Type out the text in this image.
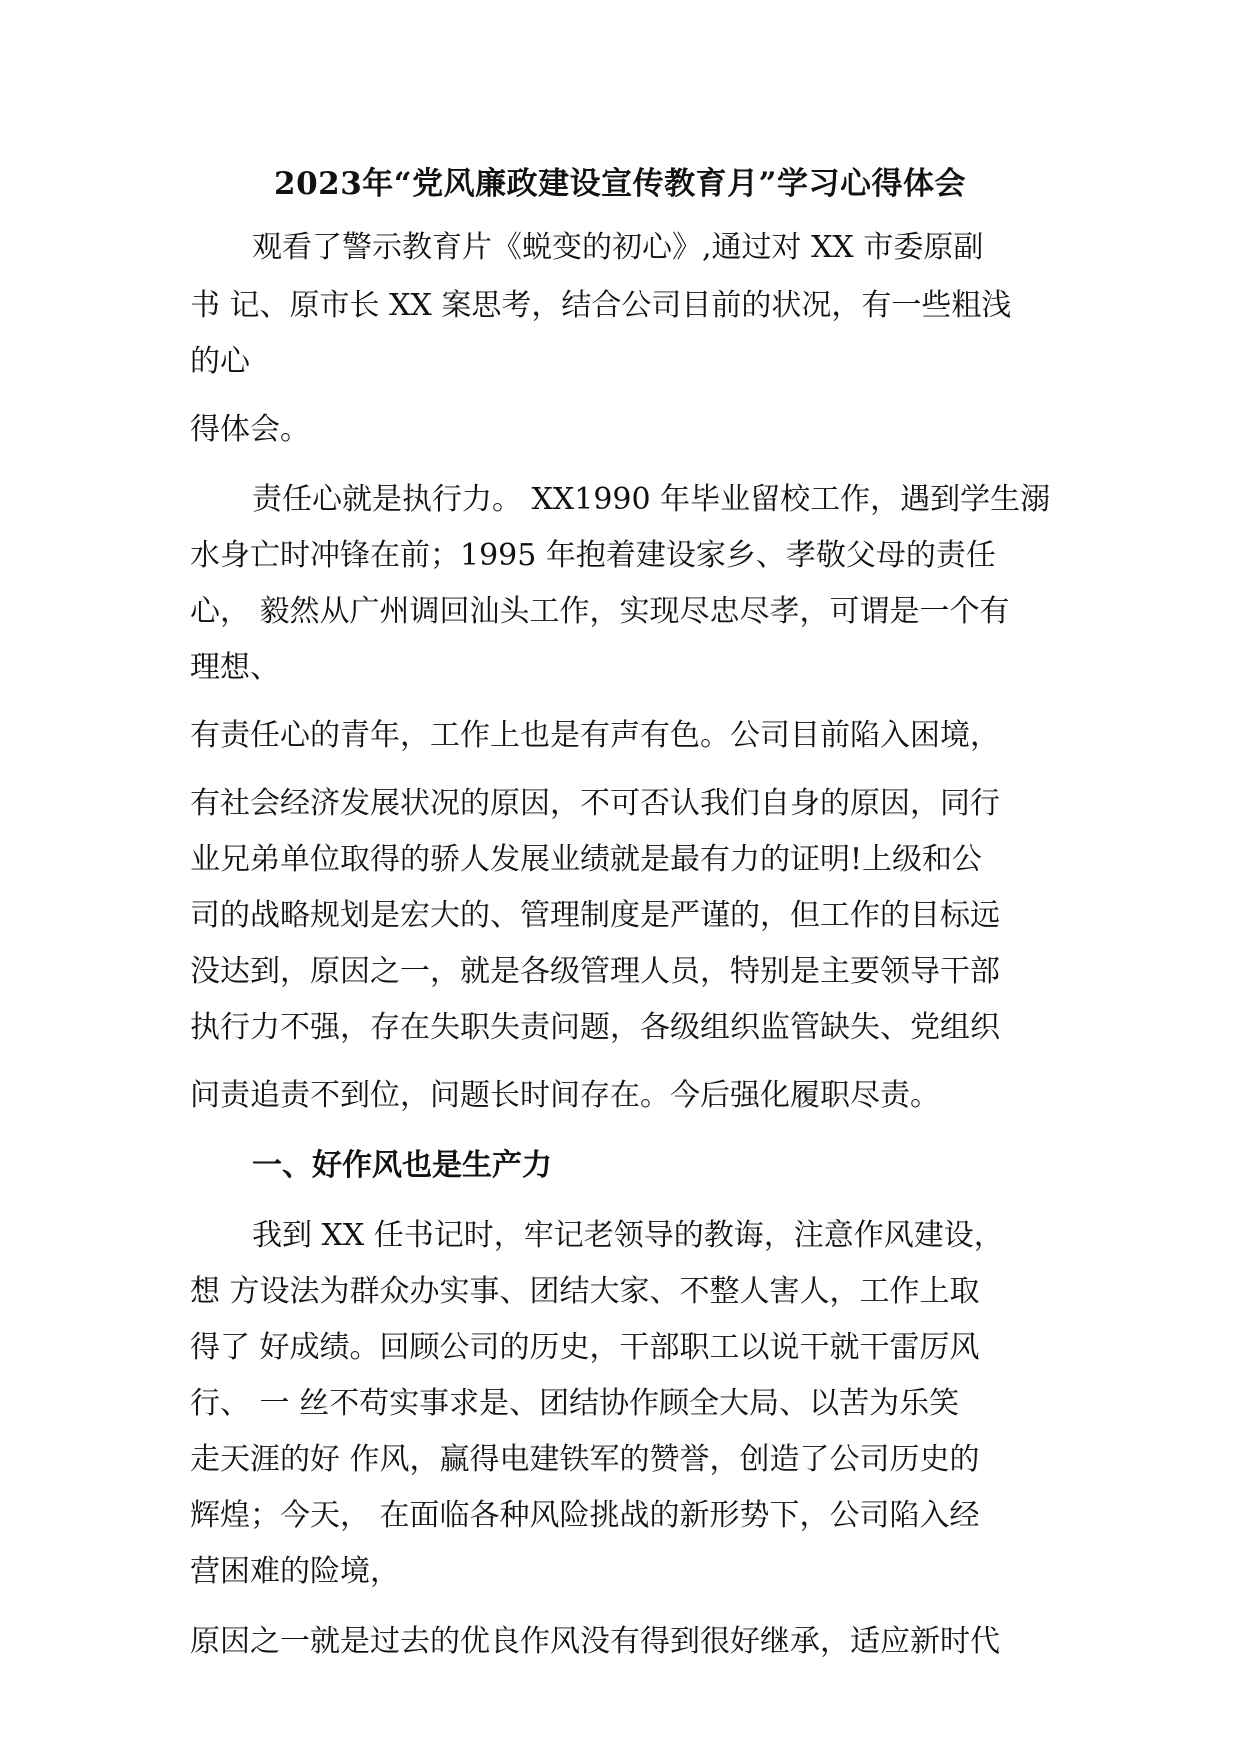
2023年“党风廉政建设宣传教育月”学习心得体会
观看了警示教育片《蜕变的初心》,通过对 XX 市委原副
书 记、原市长 XX 案思考，结合公司目前的状况，有一些粗浅
的心
得体会。
责任心就是执行力。 XX1990 年毕业留校工作，遇到学生溺
水身亡时冲锋在前；1995 年抱着建设家乡、孝敬父母的责任
心， 毅然从广州调回汕头工作，实现尽忠尽孝，可谓是一个有
理想、
有责任心的青年，工作上也是有声有色。公司目前陷入困境，
有社会经济发展状况的原因，不可否认我们自身的原因，同行
业兄弟单位取得的骄人发展业绩就是最有力的证明!上级和公
司的战略规划是宏大的、管理制度是严谨的，但工作的目标远
没达到，原因之一，就是各级管理人员，特别是主要领导干部
执行力不强，存在失职失责问题，各级组织监管缺失、党组织
问责追责不到位，问题长时间存在。今后强化履职尽责。
一、好作风也是生产力
我到 XX 任书记时，牢记老领导的教诲，注意作风建设，
想 方设法为群众办实事、团结大家、不整人害人，工作上取
得了 好成绩。回顾公司的历史，干部职工以说干就干雷厉风
行、 一 丝不苟实事求是、团结协作顾全大局、以苦为乐笑
走天涯的好 作风，赢得电建铁军的赞誉，创造了公司历史的
辉煌；今天， 在面临各种风险挑战的新形势下，公司陷入经
营困难的险境，
原因之一就是过去的优良作风没有得到很好继承，适应新时代
